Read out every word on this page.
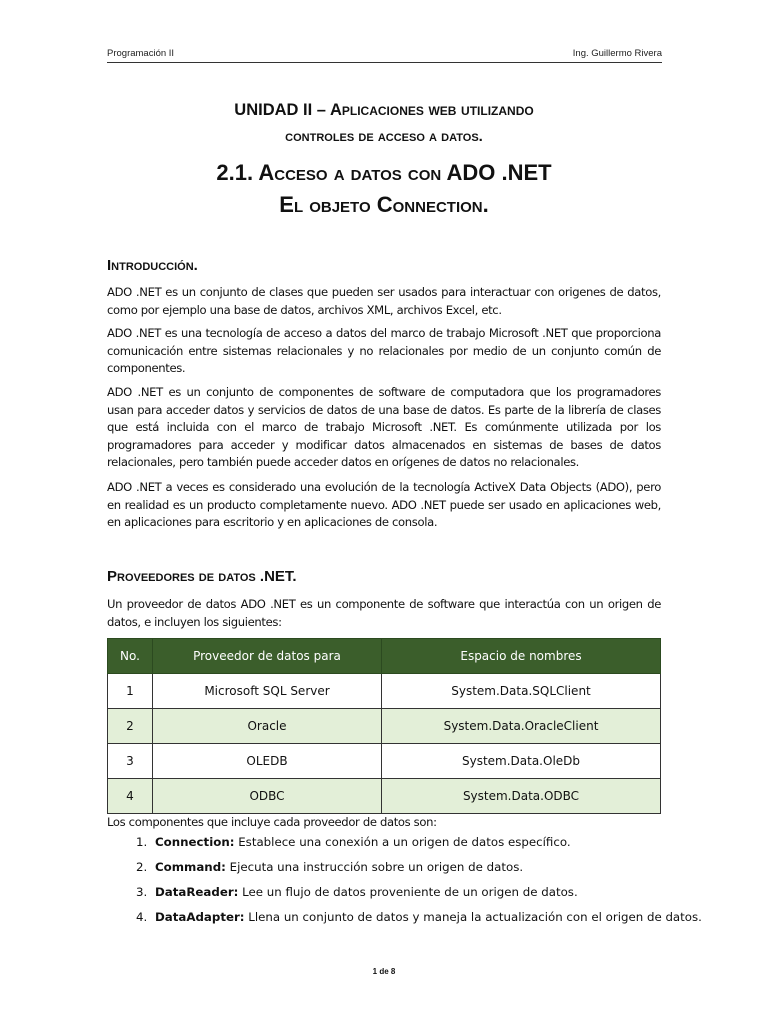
Programación II	Ing. Guillermo Rivera
UNIDAD II – Aplicaciones web utilizando
controles de acceso a datos.
2.1. Acceso a datos con ADO .NET
El objeto Connection.
Introducción.
ADO .NET es un conjunto de clases que pueden ser usados para interactuar con origenes de datos, como por ejemplo una base de datos, archivos XML, archivos Excel, etc.
ADO .NET es una tecnología de acceso a datos del marco de trabajo Microsoft .NET que proporciona comunicación entre sistemas relacionales y no relacionales por medio de un conjunto común de componentes.
ADO .NET es un conjunto de componentes de software de computadora que los programadores usan para acceder datos y servicios de datos de una base de datos. Es parte de la librería de clases que está incluida con el marco de trabajo Microsoft .NET. Es comúnmente utilizada por los programadores para acceder y modificar datos almacenados en sistemas de bases de datos relacionales, pero también puede acceder datos en orígenes de datos no relacionales.
ADO .NET a veces es considerado una evolución de la tecnología ActiveX Data Objects (ADO), pero en realidad es un producto completamente nuevo. ADO .NET puede ser usado en aplicaciones web, en aplicaciones para escritorio y en aplicaciones de consola.
Proveedores de datos .NET.
Un proveedor de datos ADO .NET es un componente de software que interactúa con un origen de datos, e incluyen los siguientes:
No.	Proveedor de datos para	Espacio de nombres
1	Microsoft SQL Server	System.Data.SQLClient
2	Oracle	System.Data.OracleClient
3	OLEDB	System.Data.OleDb
4	ODBC	System.Data.ODBC
Los componentes que incluye cada proveedor de datos son:
1. Connection: Establece una conexión a un origen de datos específico.
2. Command: Ejecuta una instrucción sobre un origen de datos.
3. DataReader: Lee un flujo de datos proveniente de un origen de datos.
4. DataAdapter: Llena un conjunto de datos y maneja la actualización con el origen de datos.
1 de 8
